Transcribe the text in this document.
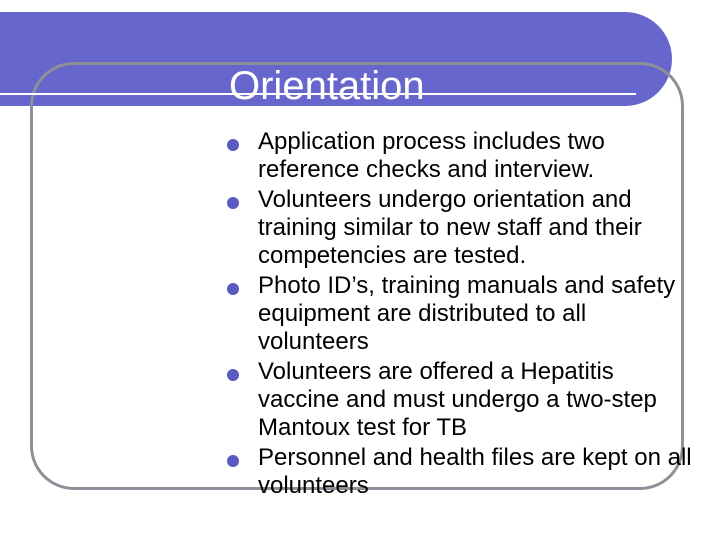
Orientation
Application process includes two reference checks and interview.
Volunteers undergo orientation and training similar to new staff and their competencies are tested.
Photo ID’s, training manuals and safety equipment are distributed to all volunteers
Volunteers are offered a Hepatitis vaccine and must undergo a two-step Mantoux test for TB
Personnel and health files are kept on all volunteers
